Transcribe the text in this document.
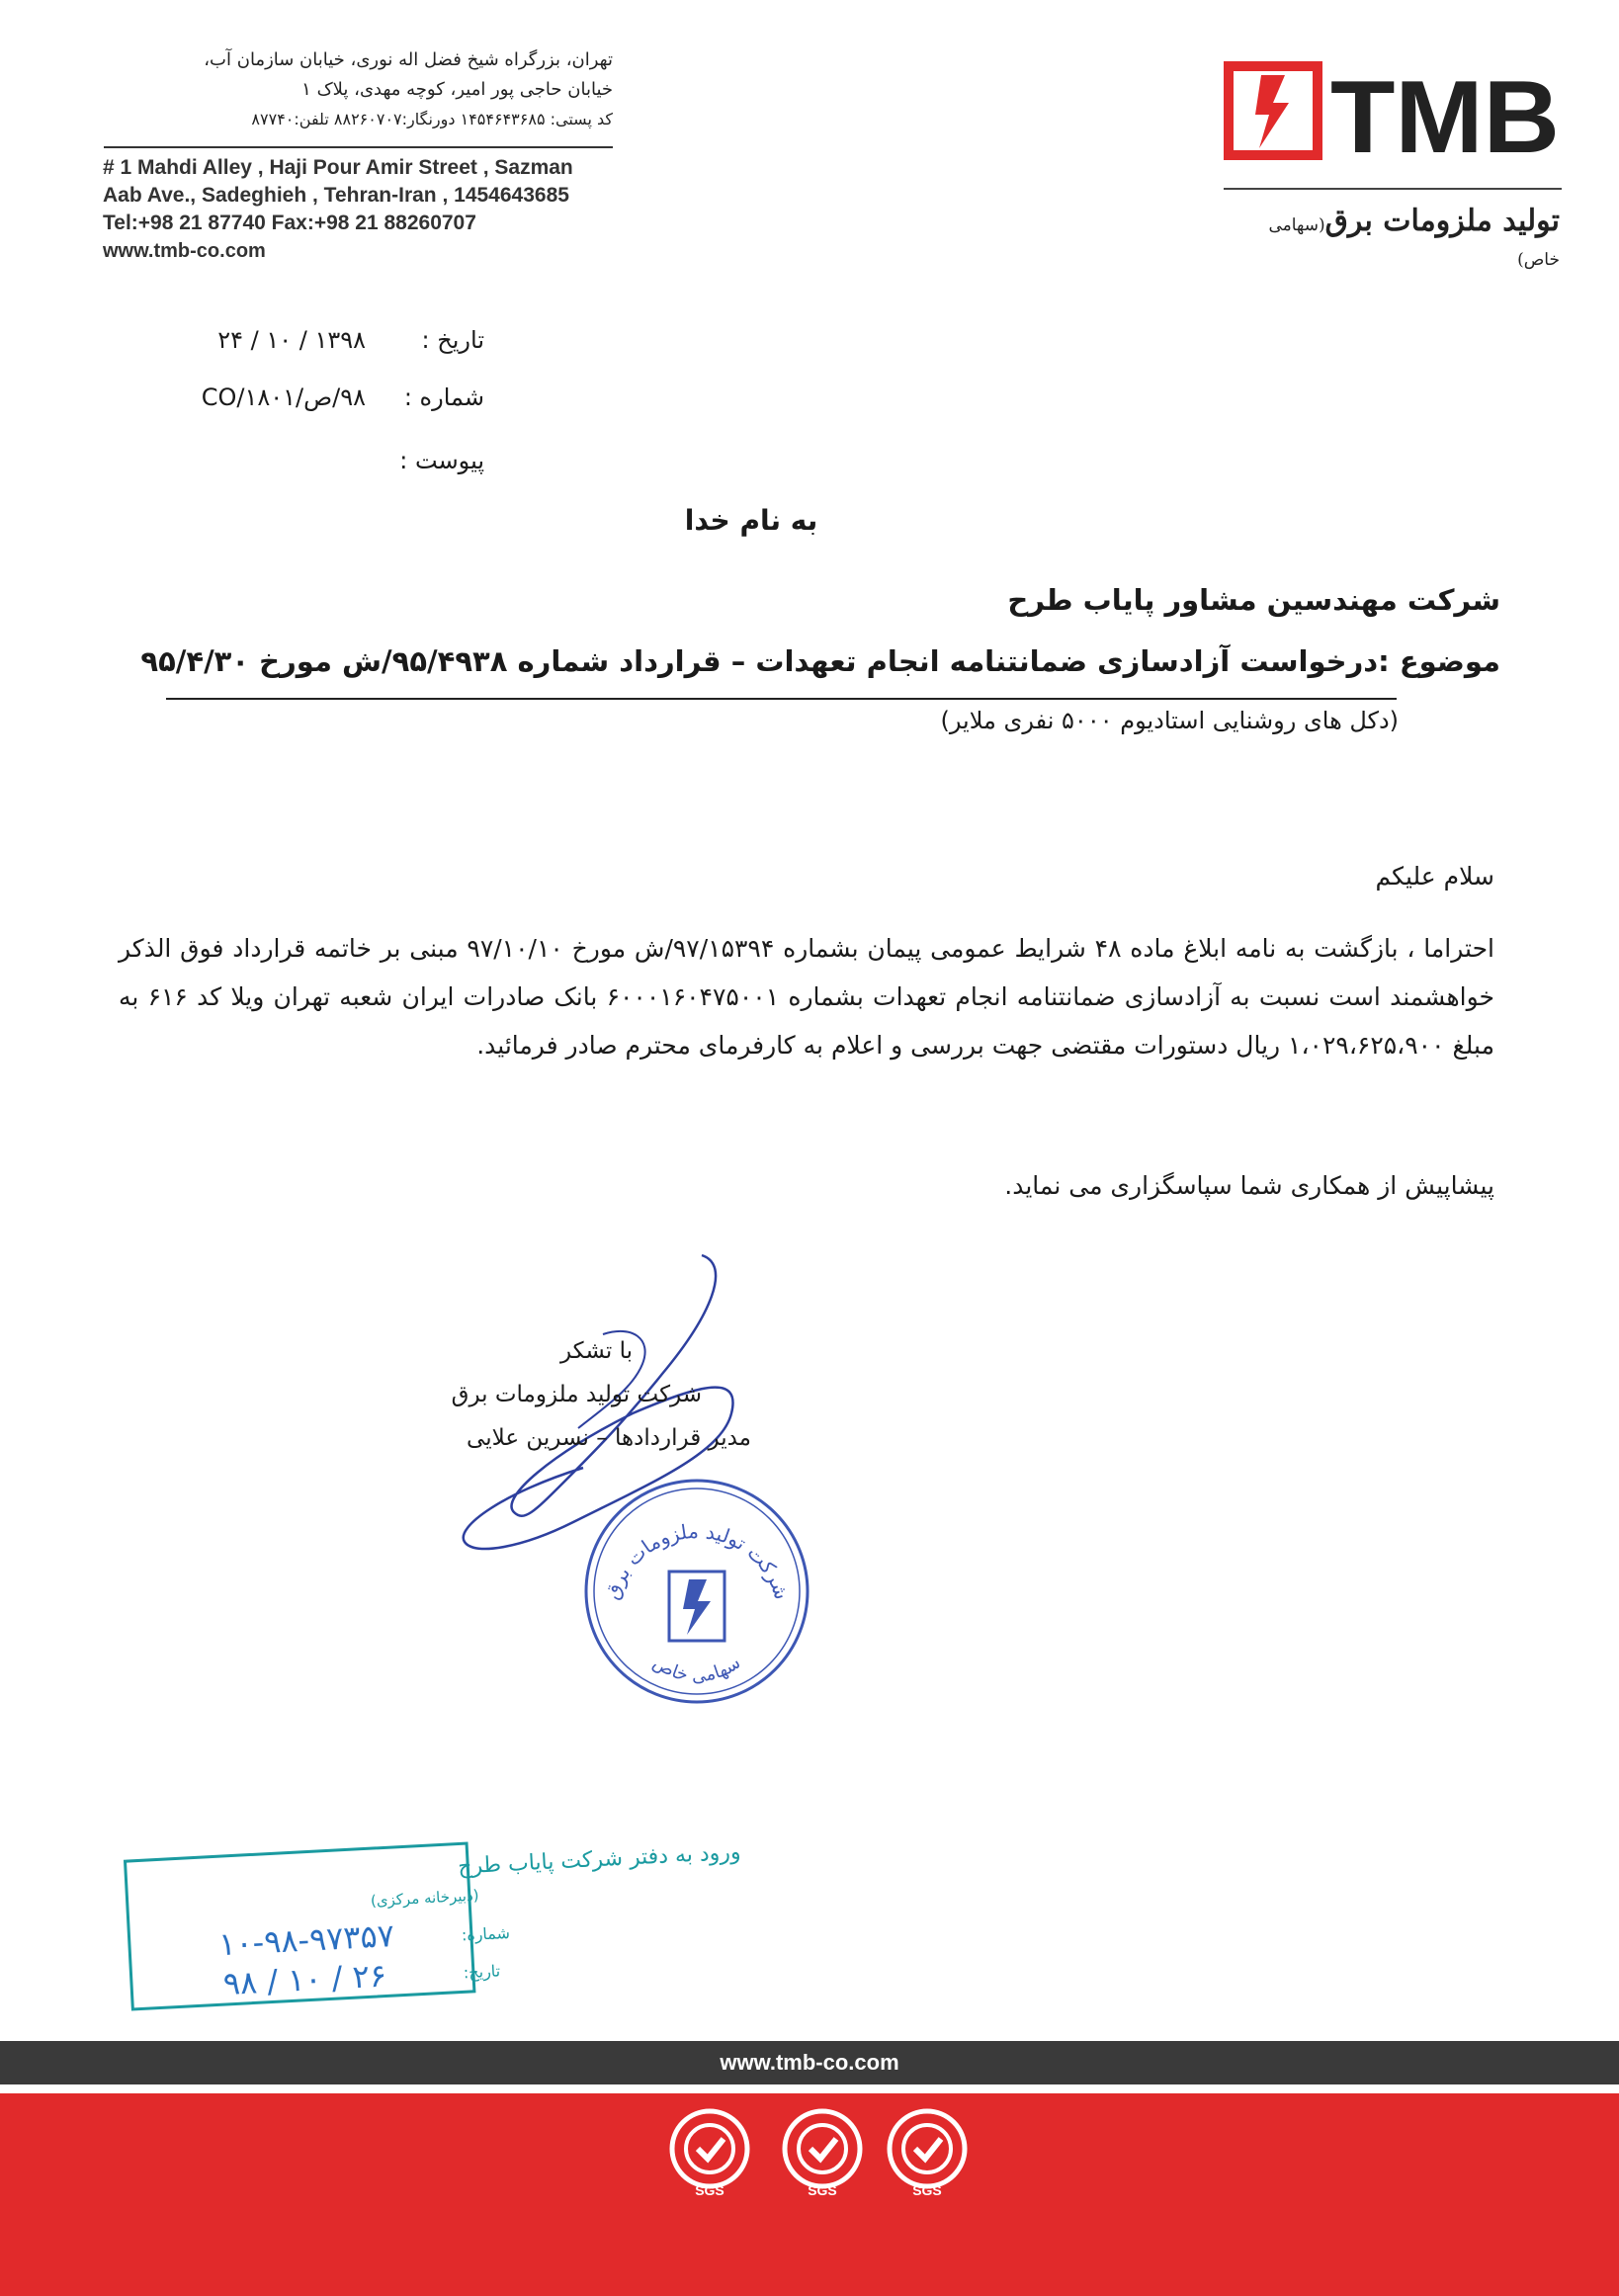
تهران، بزرگراه شیخ فضل اله نوری، خیابان سازمان آب،
خیابان حاجی پور امیر، کوچه مهدی، پلاک ۱
کد پستی: ۱۴۵۴۶۴۳۶۸۵ دورنگار:۸۸۲۶۰۷۰۷ تلفن:۸۷۷۴۰
# 1 Mahdi Alley , Haji Pour Amir Street , Sazman
Aab Ave., Sadeghieh , Tehran-Iran , 1454643685
Tel:+98 21 87740 Fax:+98 21 88260707
www.tmb-co.com
TMB
تولید ملزومات برق(سهامی خاص)
تاریخ :
۱۳۹۸ / ۱۰ / ۲۴
شماره :
۹۸/ص/CO/۱۸۰۱
پیوست :
به نام خدا
شرکت مهندسین مشاور پایاب طرح
موضوع :درخواست آزادسازی ضمانتنامه انجام تعهدات – قرارداد شماره ۹۵/۴۹۳۸/ش مورخ ۹۵/۴/۳۰
(دکل های روشنایی استادیوم ۵۰۰۰ نفری ملایر)
سلام علیکم
احتراما ، بازگشت به نامه ابلاغ ماده ۴۸ شرایط عمومی پیمان بشماره ۹۷/۱۵۳۹۴/ش مورخ ۹۷/۱۰/۱۰ مبنی بر خاتمه قرارداد فوق الذکر خواهشمند است نسبت به آزادسازی ضمانتنامه انجام تعهدات بشماره ۶۰۰۰۱۶۰۴۷۵۰۰۱ بانک صادرات ایران شعبه تهران ویلا کد ۶۱۶ به مبلغ ۱،۰۲۹،۶۲۵،۹۰۰ ریال دستورات مقتضی جهت بررسی و اعلام به کارفرمای محترم صادر فرمائید.
پیشاپیش از همکاری شما سپاسگزاری می نماید.
با تشکر
شرکت تولید ملزومات برق
مدیر قراردادها – نسرین علایی
شرکت تولید ملزومات برق
سهامی خاص
ورود به دفتر شرکت پایاب طرح
(دبیرخانه مرکزی)
شماره:
۱۰-۹۸-۹۷۳۵۷
تاریخ:
۹۸ / ۱۰ / ۲۶
www.tmb-co.com
SGS	SGS	SGS
